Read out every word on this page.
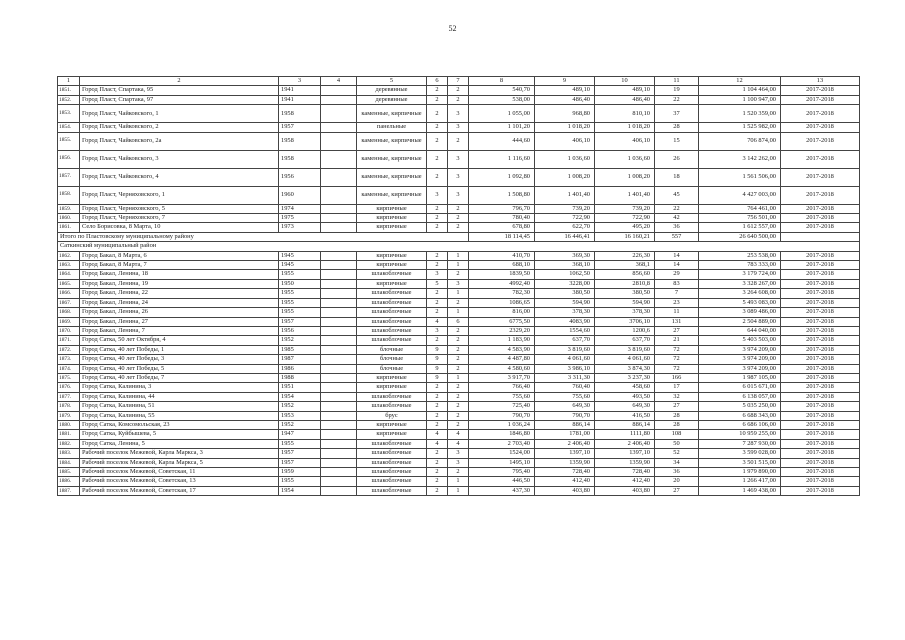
52
1	2	3	4	5	6	7	8	9	10	11	12	13
1851.	Город Пласт, Спартака, 95	1941		деревянные	2	2	540,70	489,10	489,10	19	1 104 464,00	2017-2018
1852.	Город Пласт, Спартака, 97	1941		деревянные	2	2	538,00	486,40	486,40	22	1 100 947,00	2017-2018
1853.	Город Пласт, Чайковского, 1	1958		каменные, кирпичные	2	3	1 055,00	968,80	810,10	37	1 520 359,00	2017-2018
1854.	Город Пласт, Чайковского, 2	1957		панельные	2	3	1 101,20	1 018,20	1 018,20	28	1 525 982,00	2017-2018
1855.	Город Пласт, Чайковского, 2а	1958		каменные, кирпичные	2	2	444,60	406,10	406,10	15	706 874,00	2017-2018
1856.	Город Пласт, Чайковского, 3	1958		каменные, кирпичные	2	3	1 116,60	1 036,60	1 036,60	26	3 142 262,00	2017-2018
1857.	Город Пласт, Чайковского, 4	1956		каменные, кирпичные	2	3	1 092,80	1 008,20	1 008,20	18	1 561 506,00	2017-2018
1858.	Город Пласт, Черняховского, 1	1960		каменные, кирпичные	3	3	1 508,80	1 401,40	1 401,40	45	4 427 003,00	2017-2018
1859.	Город Пласт, Черняховского, 5	1974		кирпичные	2	2	796,70	739,20	739,20	22	764 461,00	2017-2018
1860.	Город Пласт, Черняховского, 7	1975		кирпичные	2	2	780,40	722,90	722,90	42	756 501,00	2017-2018
1861.	Село Борисовка, 8 Марта, 10	1973		кирпичные	2	2	678,80	622,70	495,20	36	1 612 557,00	2017-2018
Итого по Пластовскому муниципальному району							18 114,45	16 446,41	16 160,21	557	26 640 500,00	
Саткинский муниципальный район												
1862.	Город Бакал, 8 Марта, 6	1945		кирпичные	2	1	410,70	369,30	226,30	14	253 538,00	2017-2018
1863.	Город Бакал, 8 Марта, 7	1945		кирпичные	2	1	688,10	368,10	368,1	14	783 333,00	2017-2018
1864.	Город Бакал, Ленина, 18	1955		шлакоблочные	3	2	1839,50	1062,50	856,60	29	3 179 724,00	2017-2018
1865.	Город Бакал, Ленина, 19	1950		кирпичные	5	3	4992,40	3228,00	2810,8	83	3 328 267,00	2017-2018
1866.	Город Бакал, Ленина, 22	1955		шлакоблочные	2	1	782,30	380,50	380,50	7	3 264 608,00	2017-2018
1867.	Город Бакал, Ленина, 24	1955		шлакоблочные	2	2	1086,65	594,90	594,90	23	5 493 083,00	2017-2018
1868.	Город Бакал, Ленина, 26	1955		шлакоблочные	2	1	816,00	378,30	378,30	11	3 089 486,00	2017-2018
1869.	Город Бакал, Ленина, 27	1957		шлакоблочные	4	6	6775,50	4083,90	3706,10	131	2 504 889,00	2017-2018
1870.	Город Бакал, Ленина, 7	1956		шлакоблочные	3	2	2329,20	1554,60	1200,6	27	644 040,00	2017-2018
1871.	Город Сатка, 50 лет Октября, 4	1952		шлакоблочные	2	2	1 183,90	637,70	637,70	21	5 403 503,00	2017-2018
1872.	Город Сатка, 40 лет Победы, 1	1985		блочные	9	2	4 583,90	3 819,60	3 819,60	72	3 974 209,00	2017-2018
1873.	Город Сатка, 40 лет Победы, 3	1987		блочные	9	2	4 487,80	4 061,60	4 061,60	72	3 974 209,00	2017-2018
1874.	Город Сатка, 40 лет Победы, 5	1986		блочные	9	2	4 580,60	3 986,10	3 874,30	72	3 974 209,00	2017-2018
1875.	Город Сатка, 40 лет Победы, 7	1988		кирпичные	9	1	3 917,70	3 311,30	3 237,30	166	1 987 105,00	2017-2018
1876.	Город Сатка, Калинина, 3	1951		кирпичные	2	2	766,40	760,40	458,60	17	6 015 671,00	2017-2018
1877.	Город Сатка, Калинина, 44	1954		шлакоблочные	2	2	755,60	755,60	493,50	32	6 138 057,00	2017-2018
1878.	Город Сатка, Калинина, 51	1952		шлакоблочные	2	2	725,40	649,30	649,30	27	5 035 250,00	2017-2018
1879.	Город Сатка, Калинина, 55	1953		брус	2	2	790,70	790,70	416,50	28	6 688 343,00	2017-2018
1880.	Город Сатка, Комсомольская, 23	1952		кирпичные	2	2	1 036,24	886,14	886,14	28	6 686 106,00	2017-2018
1881.	Город Сатка, Куйбышева, 5	1947		кирпичные	4	4	1846,80	1781,00	1111,80	108	10 959 255,00	2017-2018
1882.	Город Сатка, Ленина, 5	1955		шлакоблочные	4	4	2 703,40	2 406,40	2 406,40	50	7 287 930,00	2017-2018
1883.	Рабочий поселок Межевой, Карла Маркса, 3	1957		шлакоблочные	2	3	1524,00	1397,10	1397,10	52	3 599 028,00	2017-2018
1884.	Рабочий поселок Межевой, Карла Маркса, 5	1957		шлакоблочные	2	3	1495,10	1359,90	1359,90	34	3 501 515,00	2017-2018
1885.	Рабочий поселок Межевой, Советская, 11	1959		шлакоблочные	2	2	795,40	728,40	728,40	36	1 979 890,00	2017-2018
1886.	Рабочий поселок Межевой, Советская, 13	1955		шлакоблочные	2	1	446,50	412,40	412,40	20	1 266 417,00	2017-2018
1887.	Рабочий поселок Межевой, Советская, 17	1954		шлакоблочные	2	1	437,30	403,80	403,80	27	1 469 438,00	2017-2018
